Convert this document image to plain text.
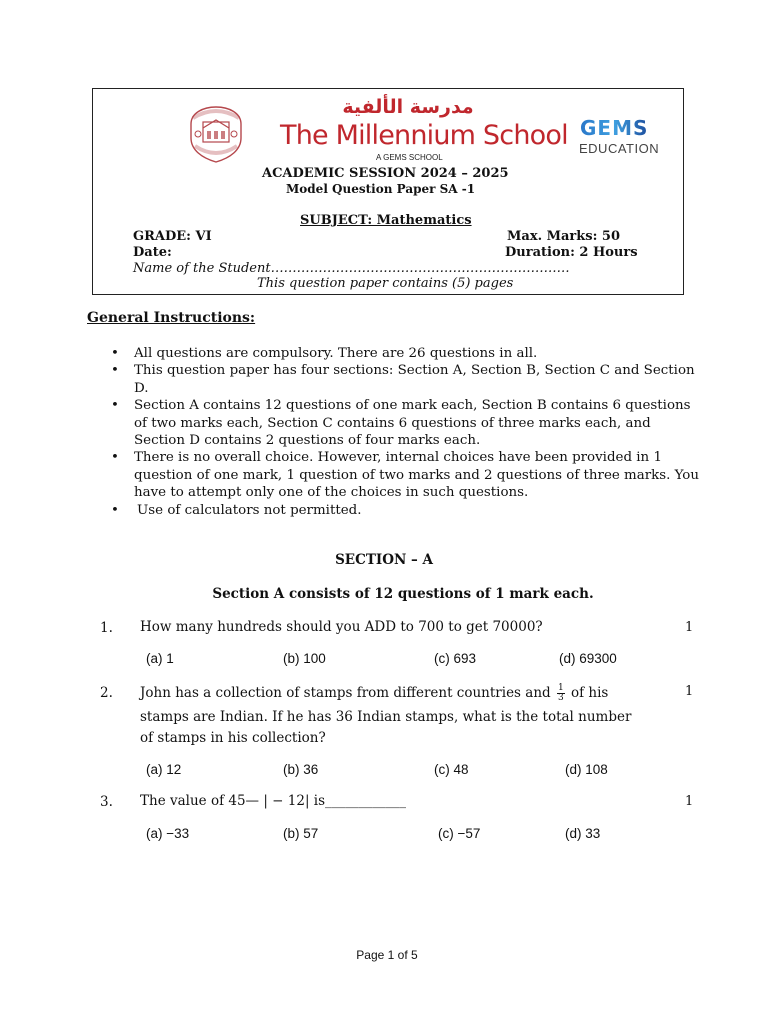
مدرسة الألفية
The Millennium School
A GEMS SCHOOL
GEMS
EDUCATION
ACADEMIC SESSION 2024 – 2025
Model Question Paper SA -1
SUBJECT: Mathematics
GRADE: VI	Max. Marks: 50
Date:	Duration: 2 Hours
Name of the Student……………………………………………………………
This question paper contains (5) pages
General Instructions:
• All questions are compulsory. There are 26 questions in all.
• This question paper has four sections: Section A, Section B, Section C and Section D.
• Section A contains 12 questions of one mark each, Section B contains 6 questions of two marks each, Section C contains 6 questions of three marks each, and Section D contains 2 questions of four marks each.
• There is no overall choice. However, internal choices have been provided in 1 question of one mark, 1 question of two marks and 2 questions of three marks. You have to attempt only one of the choices in such questions.
• Use of calculators not permitted.
SECTION – A
Section A consists of 12 questions of 1 mark each.
1. How many hundreds should you ADD to 700 to get 70000?	1
(a) 1	(b) 100	(c) 693	(d) 69300
2. John has a collection of stamps from different countries and $\frac{1}{3}$ of his
stamps are Indian. If he has 36 Indian stamps, what is the total number of stamps in his collection?
1
(a) 12	(b) 36	(c) 48	(d) 108
3. The value of 45— | − 12| is____________	1
(a) −33	(b) 57	(c) −57	(d) 33
Page 1 of 5
